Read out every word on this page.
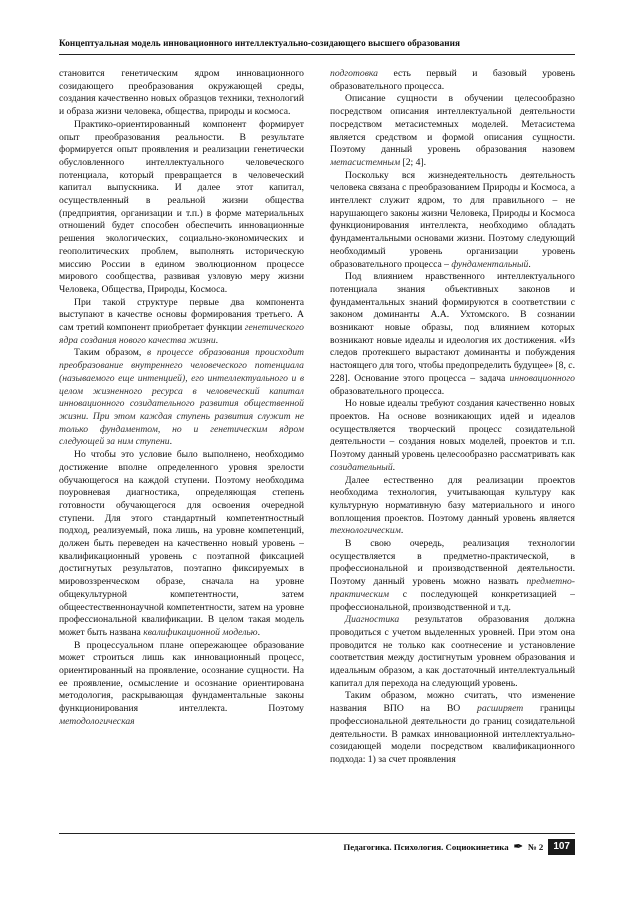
Концептуальная модель инновационного интеллектуально-созидающего высшего образования

становится генетическим ядром инновационного созидающего преобразования окружающей среды, создания качественно новых образцов техники, технологий и образа жизни человека, общества, природы и космоса.

Практико-ориентированный компонент формирует опыт преобразования реальности. В результате формируется опыт проявления и реализации генетически обусловленного интеллектуального человеческого потенциала, который превращается в человеческий капитал выпускника. И далее этот капитал, осуществленный в реальной жизни общества (предприятия, организации и т.п.) в форме материальных отношений будет способен обеспечить инновационные решения экологических, социально-экономических и геополитических проблем, выполнять историческую миссию России в едином эволюционном процессе мирового сообщества, развивая узловую меру жизни Человека, Общества, Природы, Космоса.

При такой структуре первые два компонента выступают в качестве основы формирования третьего. А сам третий компонент приобретает функции генетического ядра создания нового качества жизни.

Таким образом, в процессе образования происходит преобразование внутреннего человеческого потенциала (называемого еще интенцией), его интеллектуального и в целом жизненного ресурса в человеческий капитал инновационного созидательного развития общественной жизни. При этом каждая ступень развития служит не только фундаментом, но и генетическим ядром следующей за ним ступени.

Но чтобы это условие было выполнено, необходимо достижение вполне определенного уровня зрелости обучающегося на каждой ступени. Поэтому необходима поуровневая диагностика, определяющая степень готовности обучающегося для освоения очередной ступени. Для этого стандартный компетентностный подход, реализуемый, пока лишь, на уровне компетенций, должен быть переведен на качественно новый уровень – квалификационный уровень с поэтапной фиксацией достигнутых результатов, поэтапно фиксируемых в мировоззренческом образе, сначала на уровне общекультурной компетентности, затем общеестественнонаучной компетентности, затем на уровне профессиональной квалификации. В целом такая модель может быть названа квалификационной моделью.

В процессуальном плане опережающее образование может строиться лишь как инновационный процесс, ориентированный на проявление, осознание сущности. На ее проявление, осмысление и осознание ориентирована методология, раскрывающая фундаментальные законы функционирования интеллекта. Поэтому методологическая

подготовка есть первый и базовый уровень образовательного процесса.

Описание сущности в обучении целесообразно посредством описания интеллектуальной деятельности посредством метасистемных моделей. Метасистема является средством и формой описания сущности. Поэтому данный уровень образования назовем метасистемным [2; 4].

Поскольку вся жизнедеятельность деятельность человека связана с преобразованием Природы и Космоса, а интеллект служит ядром, то для правильного – не нарушающего законы жизни Человека, Природы и Космоса функционирования интеллекта, необходимо обладать фундаментальными основами жизни. Поэтому следующий необходимый уровень организации уровень образовательного процесса – фундаментальный.

Под влиянием нравственного интеллектуального потенциала знания объективных законов и фундаментальных знаний формируются в соответствии с законом доминанты А.А. Ухтомского. В сознании возникают новые образы, под влиянием которых возникают новые идеалы и идеология их достижения. «Из следов протекшего вырастают доминанты и побуждения настоящего для того, чтобы предопределить будущее» [8, с. 228]. Основание этого процесса – задача инновационного образовательного процесса.

Но новые идеалы требуют создания качественно новых проектов. На основе возникающих идей и идеалов осуществляется творческий процесс созидательной деятельности – создания новых моделей, проектов и т.п. Поэтому данный уровень целесообразно рассматривать как созидательный.

Далее естественно для реализации проектов необходима технология, учитывающая культуру как культурную нормативную базу материального и иного воплощения проектов. Поэтому данный уровень является технологическим.

В свою очередь, реализация технологии осуществляется в предметно-практической, в профессиональной и производственной деятельности. Поэтому данный уровень можно назвать предметно-практическим с последующей конкретизацией – профессиональной, производственной и т.д.

Диагностика результатов образования должна проводиться с учетом выделенных уровней. При этом она проводится не только как соотнесение и установление соответствия между достигнутым уровнем образования и идеальным образом, а как достаточный интеллектуальный капитал для перехода на следующий уровень.

Таким образом, можно считать, что изменение названия ВПО на ВО расширяет границы профессиональной деятельности до границ созидательной деятельности. В рамках инновационной интеллектуально-созидающей модели посредством квалификационного подхода: 1) за счет проявления

Педагогика. Психология. Социокинетика ✒ № 2	107
